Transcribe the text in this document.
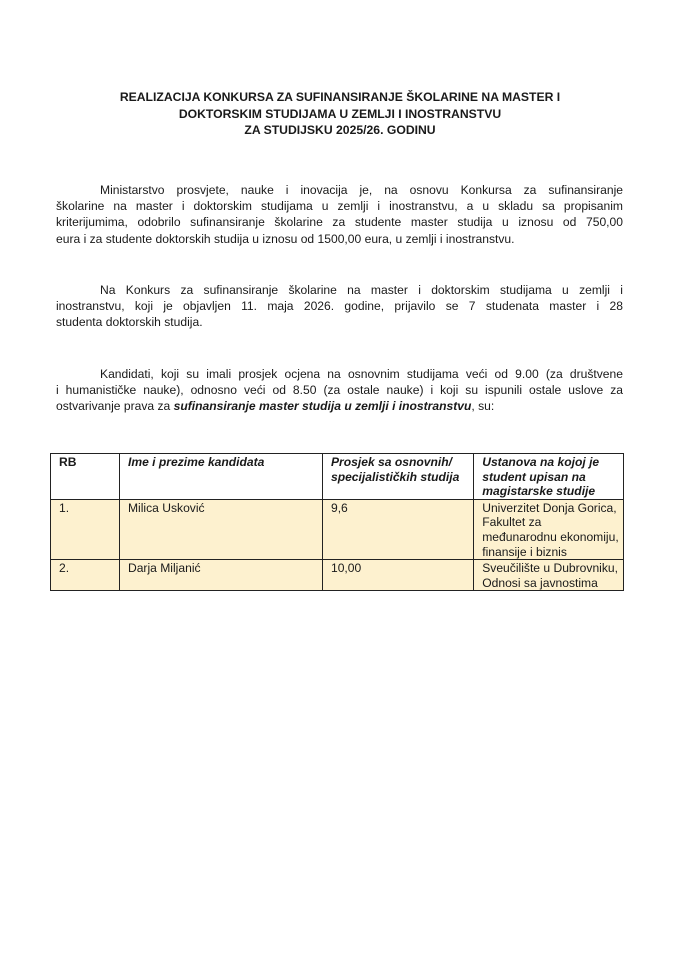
REALIZACIJA KONKURSA ZA SUFINANSIRANJE ŠKOLARINE NA MASTER I
DOKTORSKIM STUDIJAMA U ZEMLJI I INOSTRANSTVU
ZA STUDIJSKU 2025/26. GODINU
Ministarstvo prosvjete, nauke i inovacija je, na osnovu Konkursa za sufinansiranje
školarine na master i doktorskim studijama u zemlji i inostranstvu, a u skladu sa propisanim
kriterijumima, odobrilo sufinansiranje školarine za studente master studija u iznosu od 750,00
eura i za studente doktorskih studija u iznosu od 1500,00 eura, u zemlji i inostranstvu.
Na Konkurs za sufinansiranje školarine na master i doktorskim studijama u zemlji i
inostranstvu, koji je objavljen 11. maja 2026. godine, prijavilo se 7 studenata master i 28
studenta doktorskih studija.
Kandidati, koji su imali prosjek ocjena na osnovnim studijama veći od 9.00 (za društvene
i humanističke nauke), odnosno veći od 8.50 (za ostale nauke) i koji su ispunili ostale uslove za
ostvarivanje prava za sufinansiranje master studija u zemlji i inostranstvu, su:
RB	Ime i prezime kandidata	Prosjek sa osnovnih/ specijalističkih studija	Ustanova na kojoj je student upisan na magistarske studije
1.	Milica Usković	9,6	Univerzitet Donja Gorica, Fakultet za međunarodnu ekonomiju, finansije i biznis
2.	Darja Miljanić	10,00	Sveučilište u Dubrovniku, Odnosi sa javnostima
